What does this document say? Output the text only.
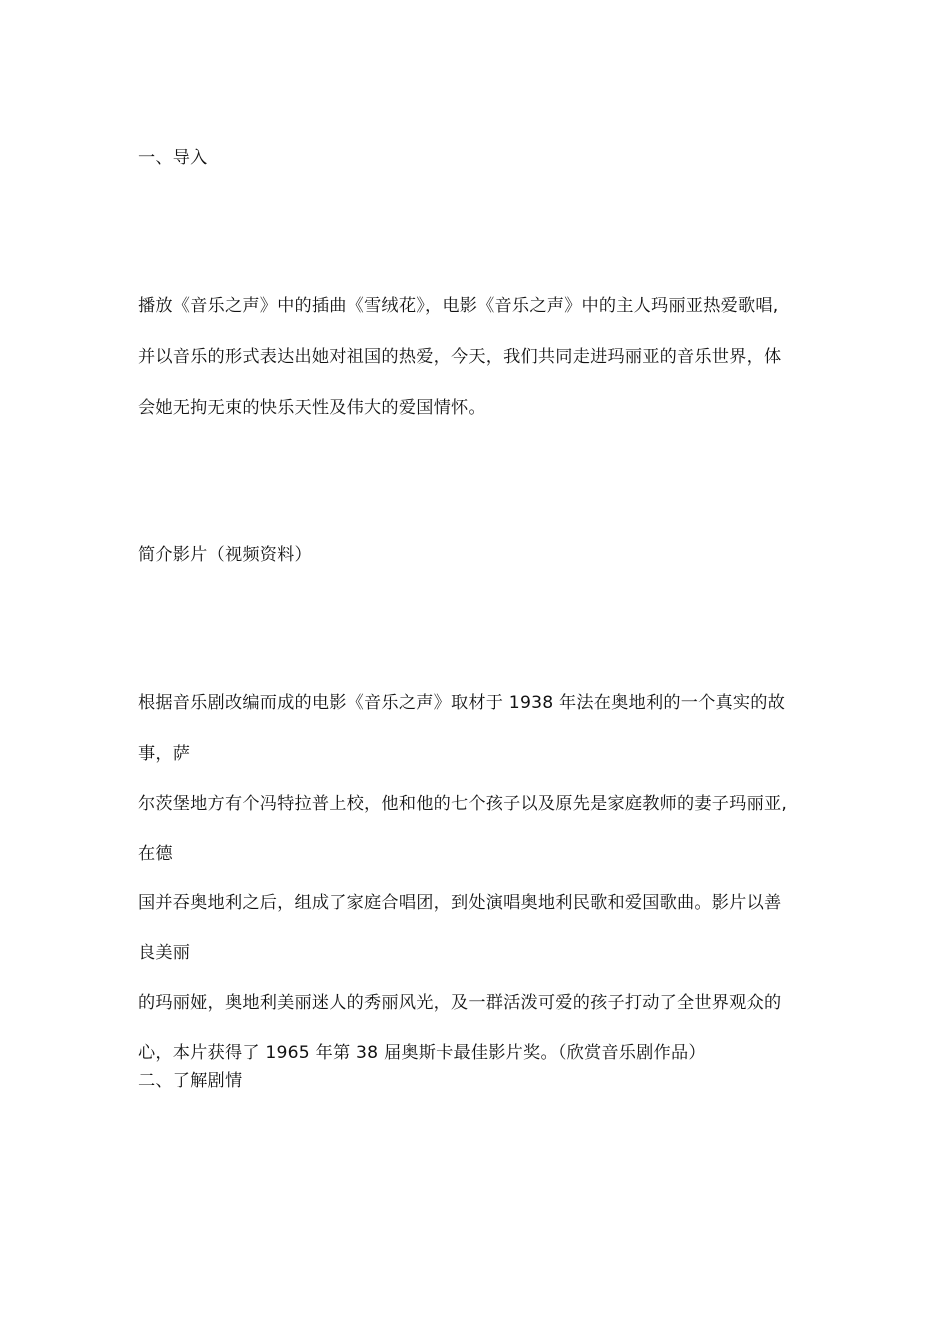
一、导入
播放《音乐之声》中的插曲《雪绒花》，电影《音乐之声》中的主人玛丽亚热爱歌唱,
并以音乐的形式表达出她对祖国的热爱，今天，我们共同走进玛丽亚的音乐世界，体
会她无拘无束的快乐天性及伟大的爱国情怀。
简介影片（视频资料）
根据音乐剧改编而成的电影《音乐之声》取材于 1938 年法在奥地利的一个真实的故
事，萨
尔茨堡地方有个冯特拉普上校，他和他的七个孩子以及原先是家庭教师的妻子玛丽亚,
在德
国并吞奥地利之后，组成了家庭合唱团，到处演唱奥地利民歌和爱国歌曲。影片以善
良美丽
的玛丽娅，奥地利美丽迷人的秀丽风光，及一群活泼可爱的孩子打动了全世界观众的
心，本片获得了 1965 年第 38 届奥斯卡最佳影片奖。（欣赏音乐剧作品）
二、了解剧情
